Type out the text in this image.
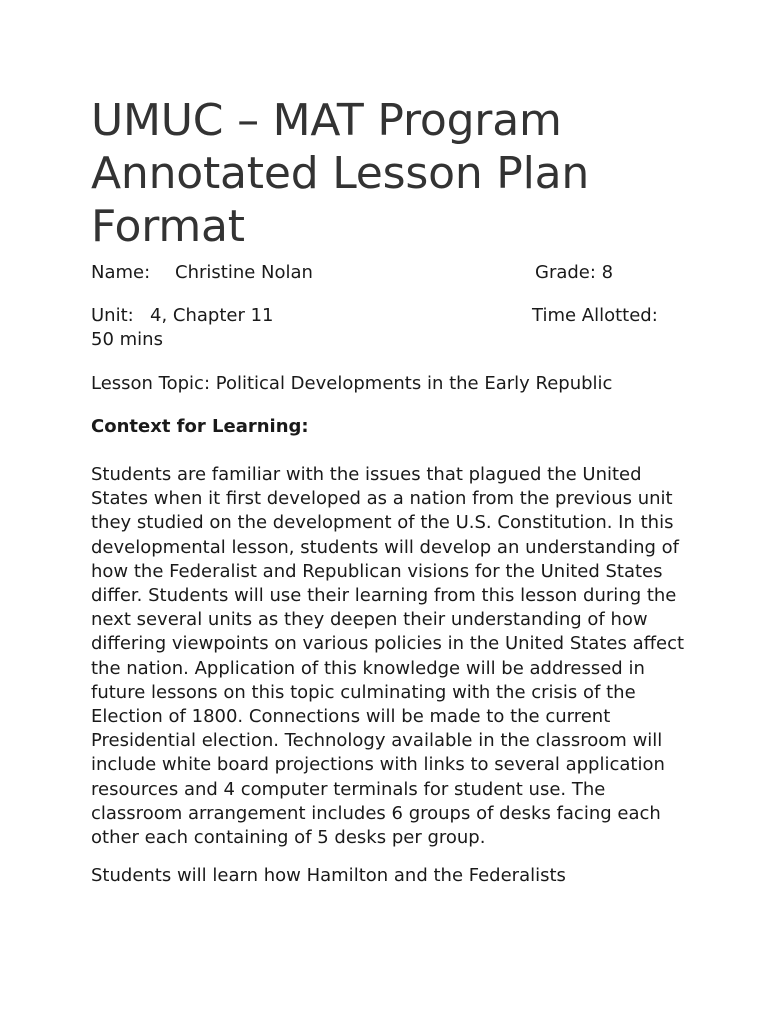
UMUC – MAT Program
Annotated Lesson Plan
Format
Name: Christine Nolan	Grade: 8
Unit: 4, Chapter 11	Time Allotted:

50 mins

Lesson Topic: Political Developments in the Early Republic

Context for Learning:

Students are familiar with the issues that plagued the United States when it first developed as a nation from the previous unit they studied on the development of the U.S. Constitution. In this developmental lesson, students will develop an understanding of how the Federalist and Republican visions for the United States differ. Students will use their learning from this lesson during the next several units as they deepen their understanding of how differing viewpoints on various policies in the United States affect the nation. Application of this knowledge will be addressed in future lessons on this topic culminating with the crisis of the Election of 1800. Connections will be made to the current Presidential election. Technology available in the classroom will include white board projections with links to several application resources and 4 computer terminals for student use. The classroom arrangement includes 6 groups of desks facing each other each containing of 5 desks per group.

Students will learn how Hamilton and the Federalists
